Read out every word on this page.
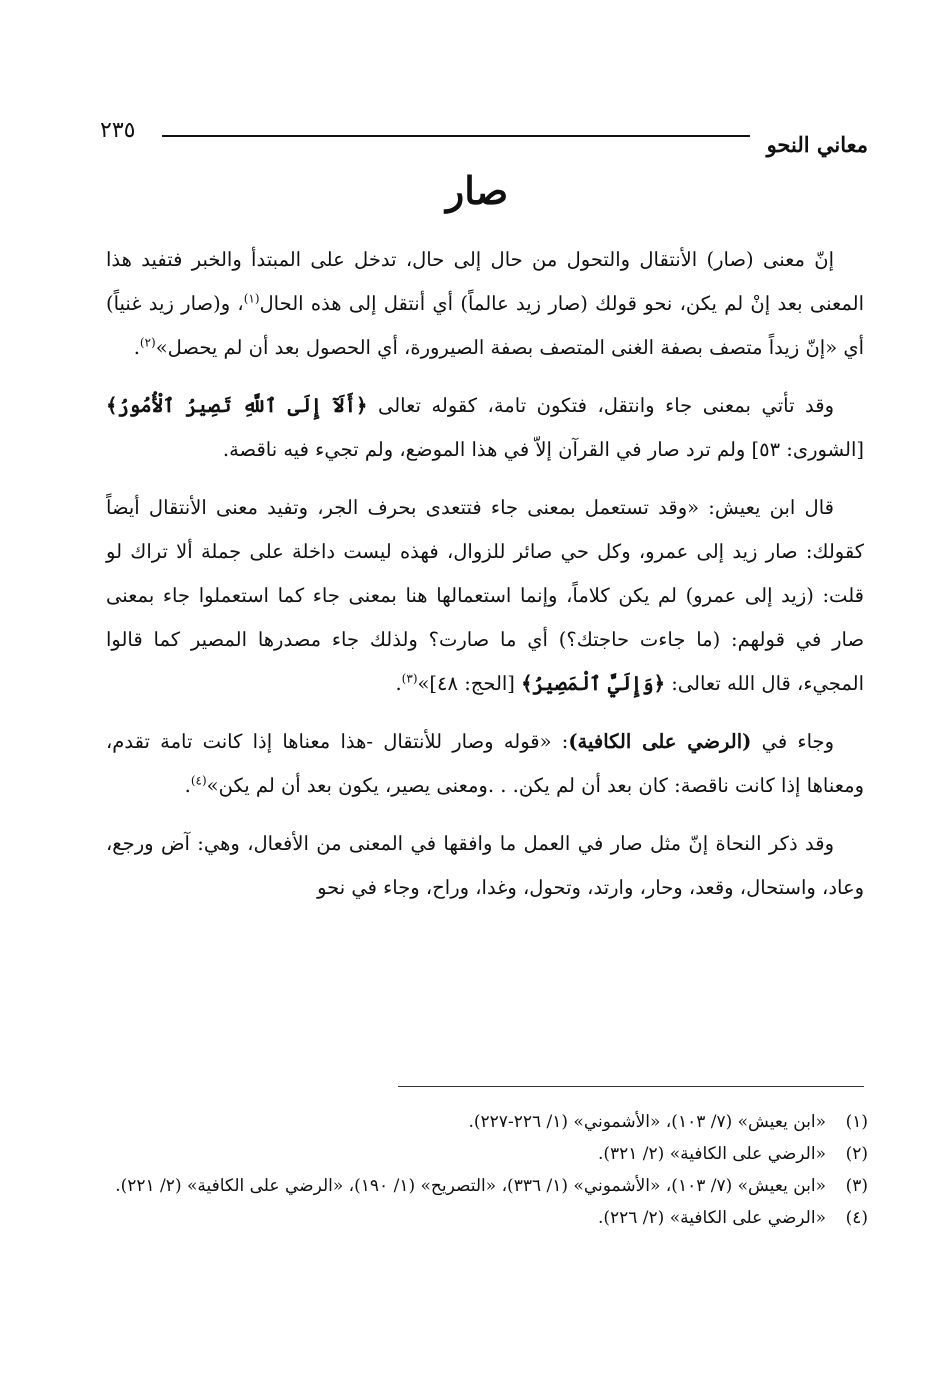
معاني النحو
٢٣٥
صار

إنّ معنى (صار) الأنتقال والتحول من حال إلى حال، تدخل على المبتدأ والخبر فتفيد هذا المعنى بعد إنْ لم يكن، نحو قولك (صار زيد عالماً) أي أنتقل إلى هذه الحال$^{(١)}$، و(صار زيد غنياً) أي «إنّ زيداً متصف بصفة الغنى المتصف بصفة الصيرورة، أي الحصول بعد أن لم يحصل»$^{(٢)}$.

وقد تأتي بمعنى جاء وانتقل، فتكون تامة، كقوله تعالى ﴿أَلَآ إِلَى ٱللَّهِ تَصِيرُ ٱلْأُمُورُ﴾ [الشورى: ٥٣] ولم ترد صار في القرآن إلاّ في هذا الموضع، ولم تجيء فيه ناقصة.

قال ابن يعيش: «وقد تستعمل بمعنى جاء فتتعدى بحرف الجر، وتفيد معنى الأنتقال أيضاً كقولك: صار زيد إلى عمرو، وكل حي صائر للزوال، فهذه ليست داخلة على جملة ألا تراك لو قلت: (زيد إلى عمرو) لم يكن كلاماً، وإنما استعمالها هنا بمعنى جاء كما استعملوا جاء بمعنى صار في قولهم: (ما جاءت حاجتك؟) أي ما صارت؟ ولذلك جاء مصدرها المصير كما قالوا المجيء، قال الله تعالى: ﴿وَإِلَيَّ ٱلْمَصِيرُ﴾ [الحج: ٤٨]»$^{(٣)}$.

وجاء في (الرضي على الكافية): «قوله وصار للأنتقال -هذا معناها إذا كانت تامة تقدم، ومعناها إذا كانت ناقصة: كان بعد أن لم يكن. . .ومعنى يصير، يكون بعد أن لم يكن»$^{(٤)}$.

وقد ذكر النحاة إنّ مثل صار في العمل ما وافقها في المعنى من الأفعال، وهي: آض ورجع، وعاد، واستحال، وقعد، وحار، وارتد، وتحول، وغدا، وراح، وجاء في نحو

(١)
«ابن يعيش» (٧/ ١٠٣)، «الأشموني» (١/ ٢٢٦-٢٢٧).
(٢)
«الرضي على الكافية» (٢/ ٣٢١).
(٣)
«ابن يعيش» (٧/ ١٠٣)، «الأشموني» (١/ ٣٣٦)، «التصريح» (١/ ١٩٠)، «الرضي على الكافية» (٢/ ٢٢١).
(٤)
«الرضي على الكافية» (٢/ ٢٢٦).
